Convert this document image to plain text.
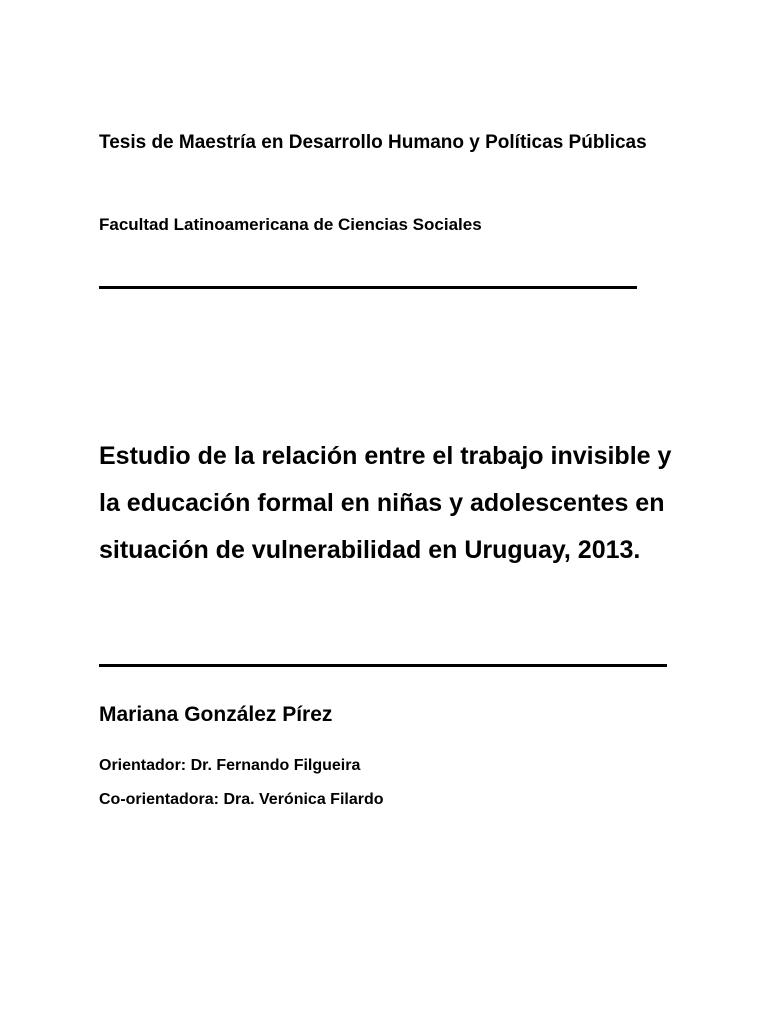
Tesis de Maestría en Desarrollo Humano y Políticas Públicas

Facultad Latinoamericana de Ciencias Sociales

Estudio de la relación entre el trabajo invisible y la educación formal en niñas y adolescentes en situación de vulnerabilidad en Uruguay, 2013.

Mariana González Pírez

Orientador: Dr. Fernando Filgueira

Co-orientadora: Dra. Verónica Filardo
